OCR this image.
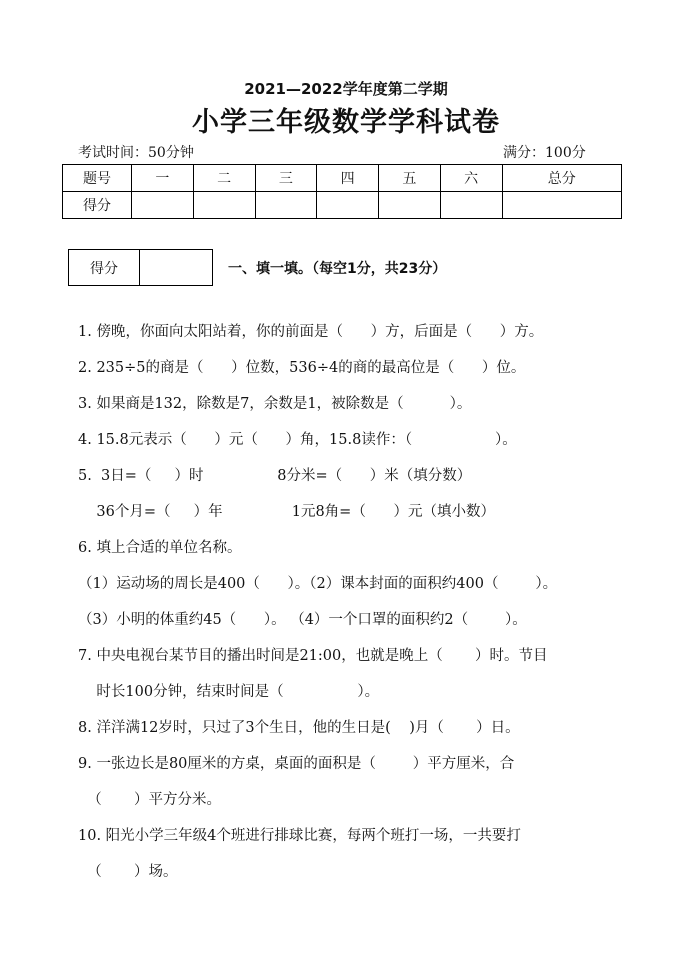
2021—2022学年度第二学期
小学三年级数学学科试卷
考试时间：50分钟	满分：100分
题号	一	二	三	四	五	六	总分
得分							
得分		一、填一填。（每空1分，共23分）
1. 傍晚，你面向太阳站着，你的前面是（      ）方，后面是（      ）方。
2. 235÷5的商是（      ）位数，536÷4的商的最高位是（      ）位。
3. 如果商是132，除数是7，余数是1，被除数是（          ）。
4. 15.8元表示（      ）元（      ）角，15.8读作：（                  ）。
5.  3日=（     ）时                8分米=（      ）米（填分数）
36个月=（     ）年               1元8角=（      ）元（填小数）
6. 填上合适的单位名称。
（1）运动场的周长是400（      ）。（2）课本封面的面积约400（        ）。
（3）小明的体重约45（      ）。 （4）一个口罩的面积约2（        ）。
7. 中央电视台某节目的播出时间是21:00，也就是晚上（       ）时。节目
时长100分钟，结束时间是（                ）。
8. 洋洋满12岁时，只过了3个生日，他的生日是(    )月（       ）日。
9. 一张边长是80厘米的方桌，桌面的面积是（        ）平方厘米，合
（       ）平方分米。
10. 阳光小学三年级4个班进行排球比赛，每两个班打一场，一共要打
（       ）场。
